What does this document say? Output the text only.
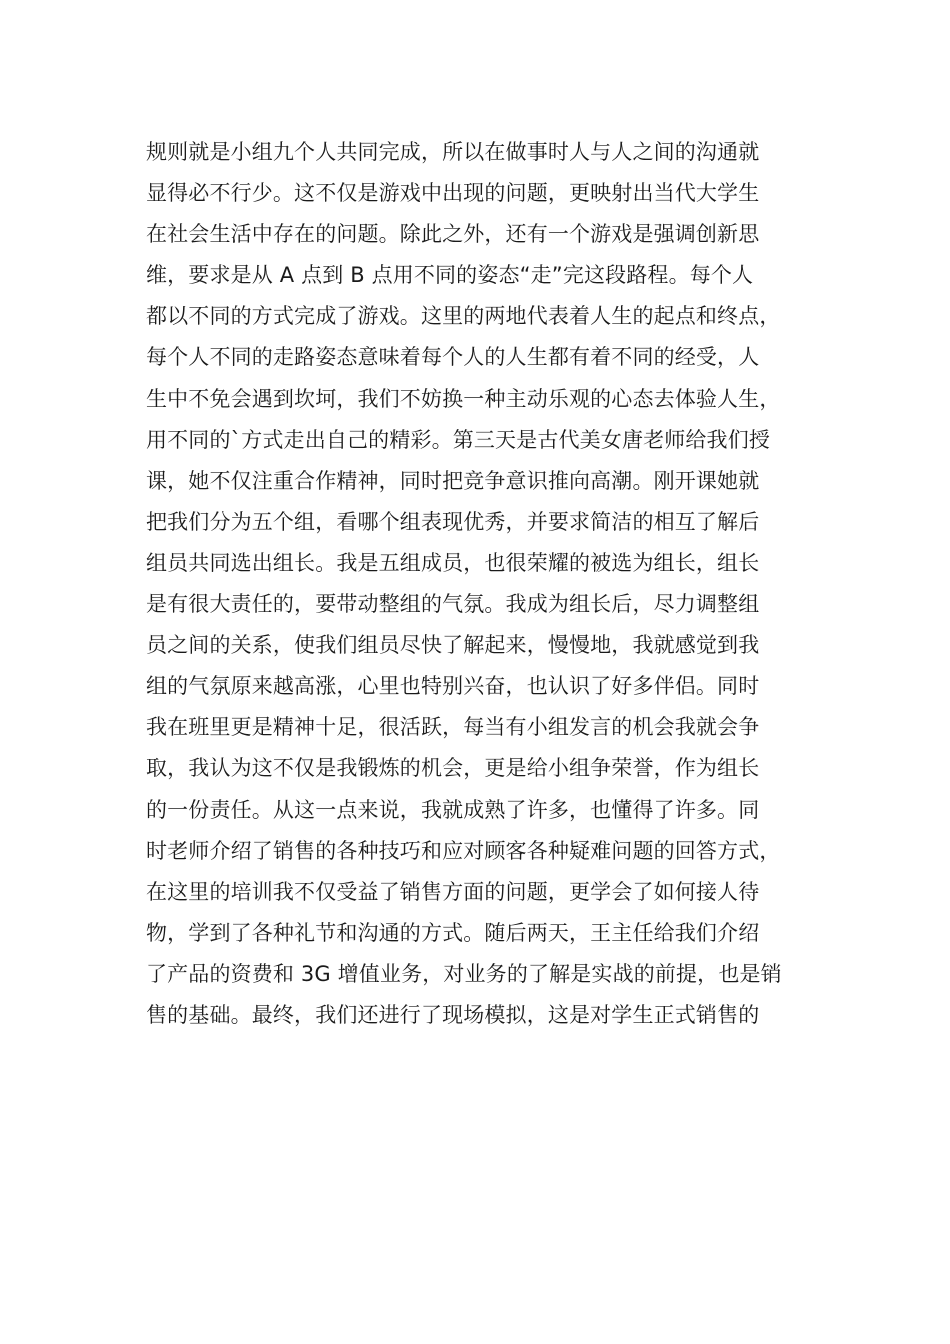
规则就是小组九个人共同完成，所以在做事时人与人之间的沟通就
显得必不行少。这不仅是游戏中出现的问题，更映射出当代大学生
在社会生活中存在的问题。除此之外，还有一个游戏是强调创新思
维，要求是从 A 点到 B 点用不同的姿态“走”完这段路程。每个人
都以不同的方式完成了游戏。这里的两地代表着人生的起点和终点，
每个人不同的走路姿态意味着每个人的人生都有着不同的经受，人
生中不免会遇到坎坷，我们不妨换一种主动乐观的心态去体验人生，
用不同的`方式走出自己的精彩。第三天是古代美女唐老师给我们授
课，她不仅注重合作精神，同时把竞争意识推向高潮。刚开课她就
把我们分为五个组，看哪个组表现优秀，并要求简洁的相互了解后
组员共同选出组长。我是五组成员，也很荣耀的被选为组长，组长
是有很大责任的，要带动整组的气氛。我成为组长后，尽力调整组
员之间的关系，使我们组员尽快了解起来，慢慢地，我就感觉到我
组的气氛原来越高涨，心里也特别兴奋，也认识了好多伴侣。同时
我在班里更是精神十足，很活跃，每当有小组发言的机会我就会争
取，我认为这不仅是我锻炼的机会，更是给小组争荣誉，作为组长
的一份责任。从这一点来说，我就成熟了许多，也懂得了许多。同
时老师介绍了销售的各种技巧和应对顾客各种疑难问题的回答方式，
在这里的培训我不仅受益了销售方面的问题，更学会了如何接人待
物，学到了各种礼节和沟通的方式。随后两天，王主任给我们介绍
了产品的资费和 3G 增值业务，对业务的了解是实战的前提，也是销
售的基础。最终，我们还进行了现场模拟，这是对学生正式销售的
